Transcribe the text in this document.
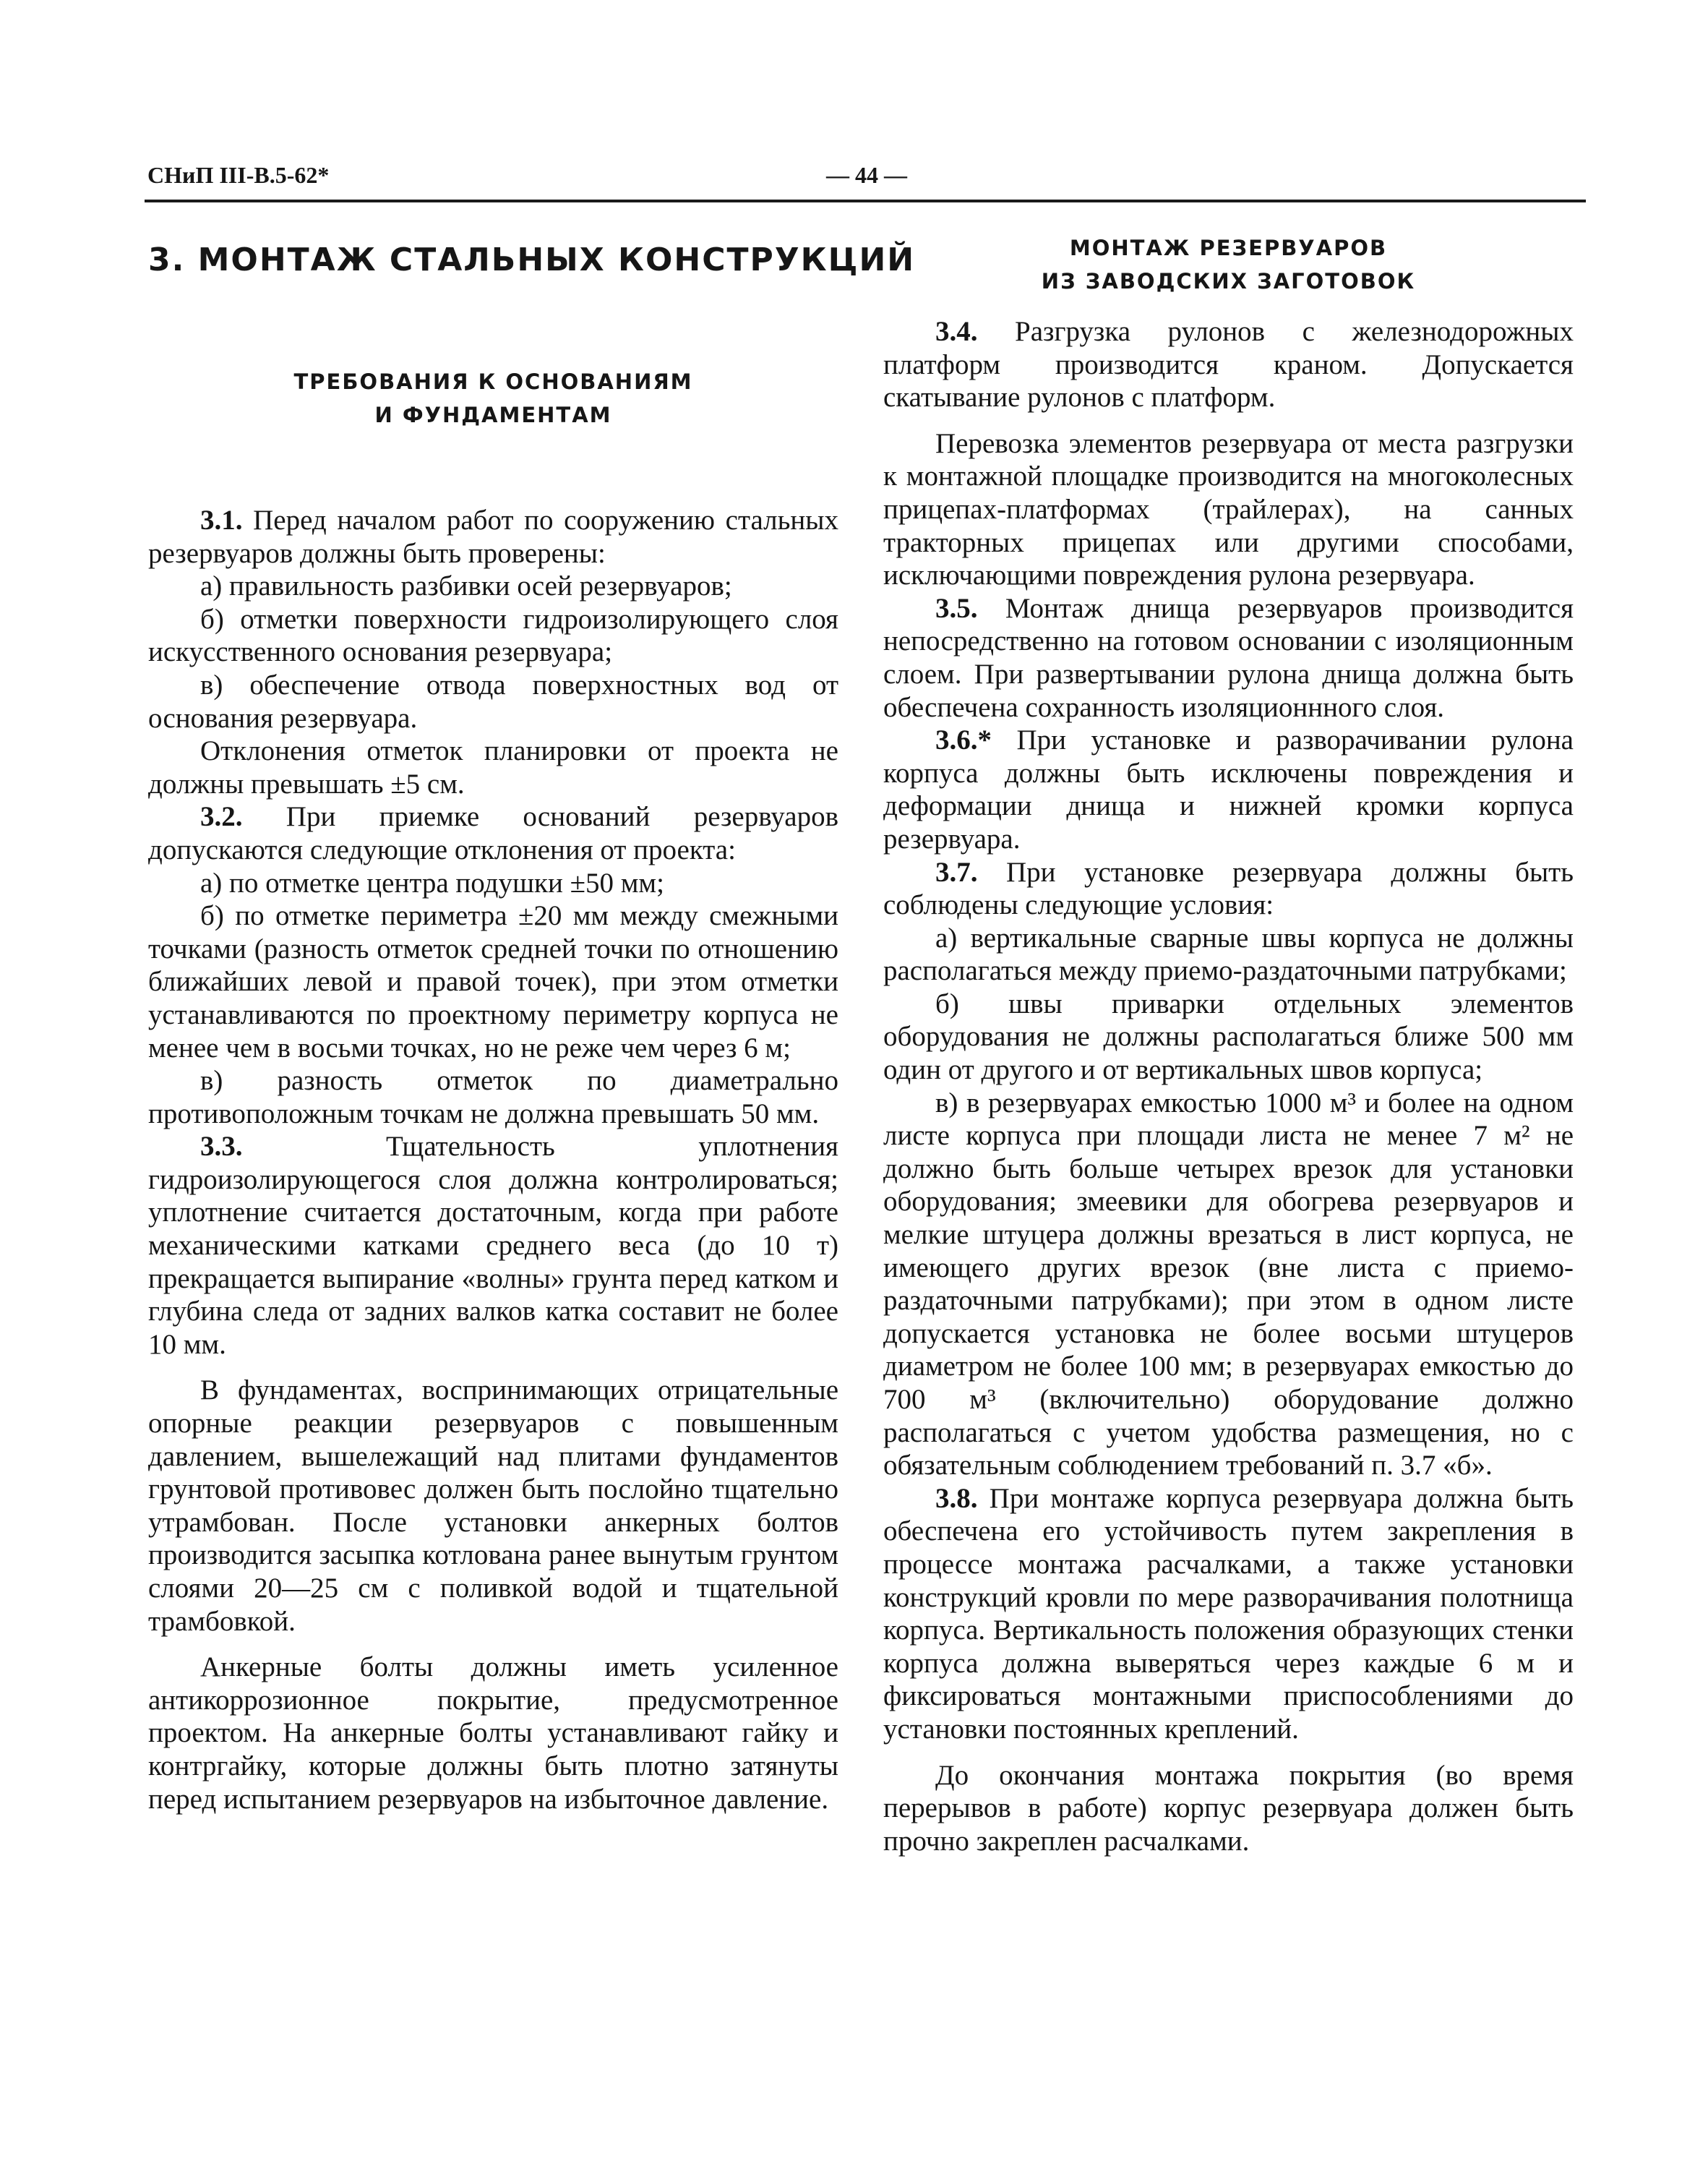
СНиП III-В.5-62*	— 44 —
3. МОНТАЖ СТАЛЬНЫХ КОНСТРУКЦИЙ
ТРЕБОВАНИЯ К ОСНОВАНИЯМ
И ФУНДАМЕНТАМ

3.1. Перед началом работ по сооружению стальных резервуаров должны быть проверены:

а) правильность разбивки осей резервуаров;

б) отметки поверхности гидроизолирующего слоя искусственного основания резервуара;

в) обеспечение отвода поверхностных вод от основания резервуара.

Отклонения отметок планировки от проекта не должны превышать ±5 см.

3.2. При приемке оснований резервуаров допускаются следующие отклонения от проекта:

а) по отметке центра подушки ±50 мм;

б) по отметке периметра ±20 мм между смежными точками (разность отметок средней точки по отношению ближайших левой и правой точек), при этом отметки устанавливаются по проектному периметру корпуса не менее чем в восьми точках, но не реже чем через 6 м;

в) разность отметок по диаметрально противоположным точкам не должна превышать 50 мм.

3.3.	Тщательность уплотнения гидроизолирующегося слоя должна контролироваться; уплотнение считается достаточным, когда при работе механическими катками среднего веса (до 10 т) прекращается выпирание «волны» грунта перед катком и глубина следа от задних валков катка составит не более 10 мм.

В фундаментах, воспринимающих отрицательные опорные реакции резервуаров с повышенным давлением, вышележащий над плитами фундаментов грунтовой противовес должен быть послойно тщательно утрамбован. После установки анкерных болтов производится засыпка котлована ранее вынутым грунтом слоями 20—25 см с поливкой водой и тщательной трамбовкой.

Анкерные болты должны иметь усиленное антикоррозионное покрытие, предусмотренное проектом. На анкерные болты устанавливают гайку и контргайку, которые должны быть плотно затянуты перед испытанием резервуаров на избыточное давление.

МОНТАЖ РЕЗЕРВУАРОВ
ИЗ ЗАВОДСКИХ ЗАГОТОВОК

3.4. Разгрузка рулонов с железнодорожных платформ производится краном. Допускается скатывание рулонов с платформ.

Перевозка элементов резервуара от места разгрузки к монтажной площадке производится на многоколесных прицепах-платформах (трайлерах), на санных тракторных прицепах или другими способами, исключающими повреждения рулона резервуара.

3.5. Монтаж днища резервуаров производится непосредственно на готовом основании с изоляционным слоем. При развертывании рулона днища должна быть обеспечена сохранность изоляционнного слоя.

3.6.* При установке и разворачивании рулона корпуса должны быть исключены повреждения и деформации днища и нижней кромки корпуса резервуара.

3.7. При установке резервуара должны быть соблюдены следующие условия:

а) вертикальные сварные швы корпуса не должны располагаться между приемо-раздаточными патрубками;

б) швы приварки отдельных элементов оборудования не должны располагаться ближе 500 мм один от другого и от вертикальных швов корпуса;

в) в резервуарах емкостью 1000 м³ и более на одном листе корпуса при площади листа не менее 7 м² не должно быть больше четырех врезок для установки оборудования; змеевики для обогрева резервуаров и мелкие штуцера должны врезаться в лист корпуса, не имеющего других врезок (вне листа с приемо-раздаточными патрубками); при этом в одном листе допускается установка не более восьми штуцеров диаметром не более 100 мм; в резервуарах емкостью до 700 м³ (включительно) оборудование должно располагаться с учетом удобства размещения, но с обязательным соблюдением требований п. 3.7 «б».

3.8. При монтаже корпуса резервуара должна быть обеспечена его устойчивость путем закрепления в процессе монтажа расчалками, а также установки конструкций кровли по мере разворачивания полотнища корпуса. Вертикальность положения образующих стенки корпуса должна выверяться через каждые 6 м и фиксироваться монтажными приспособлениями до установки постоянных креплений.

До окончания монтажа покрытия (во время перерывов в работе) корпус резервуара должен быть прочно закреплен расчалками.
